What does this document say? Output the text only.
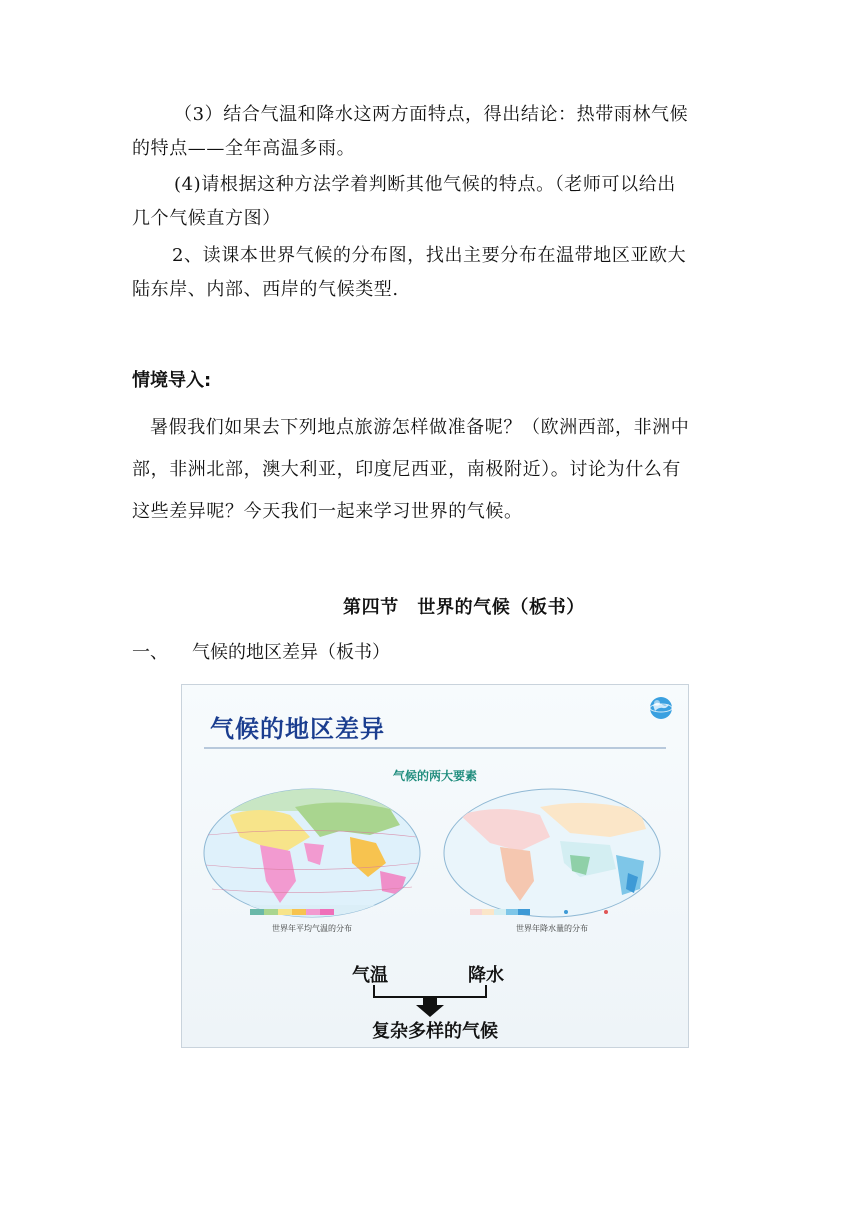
（3）结合气温和降水这两方面特点，得出结论：热带雨林气候
的特点——全年高温多雨。

(4)请根据这种方法学着判断其他气候的特点。（老师可以给出
几个气候直方图）

2、读课本世界气候的分布图，找出主要分布在温带地区亚欧大
陆东岸、内部、西岸的气候类型.

情境导入:

暑假我们如果去下列地点旅游怎样做准备呢？（欧洲西部，非洲中
部，非洲北部，澳大利亚，印度尼西亚，南极附近）。讨论为什么有
这些差异呢？今天我们一起来学习世界的气候。

第四节　世界的气候（板书）

一、 气候的地区差异（板书）

气候的地区差异
气候的两大要素
世界年平均气温的分布	世界年降水量的分布
气温	降水
复杂多样的气候
